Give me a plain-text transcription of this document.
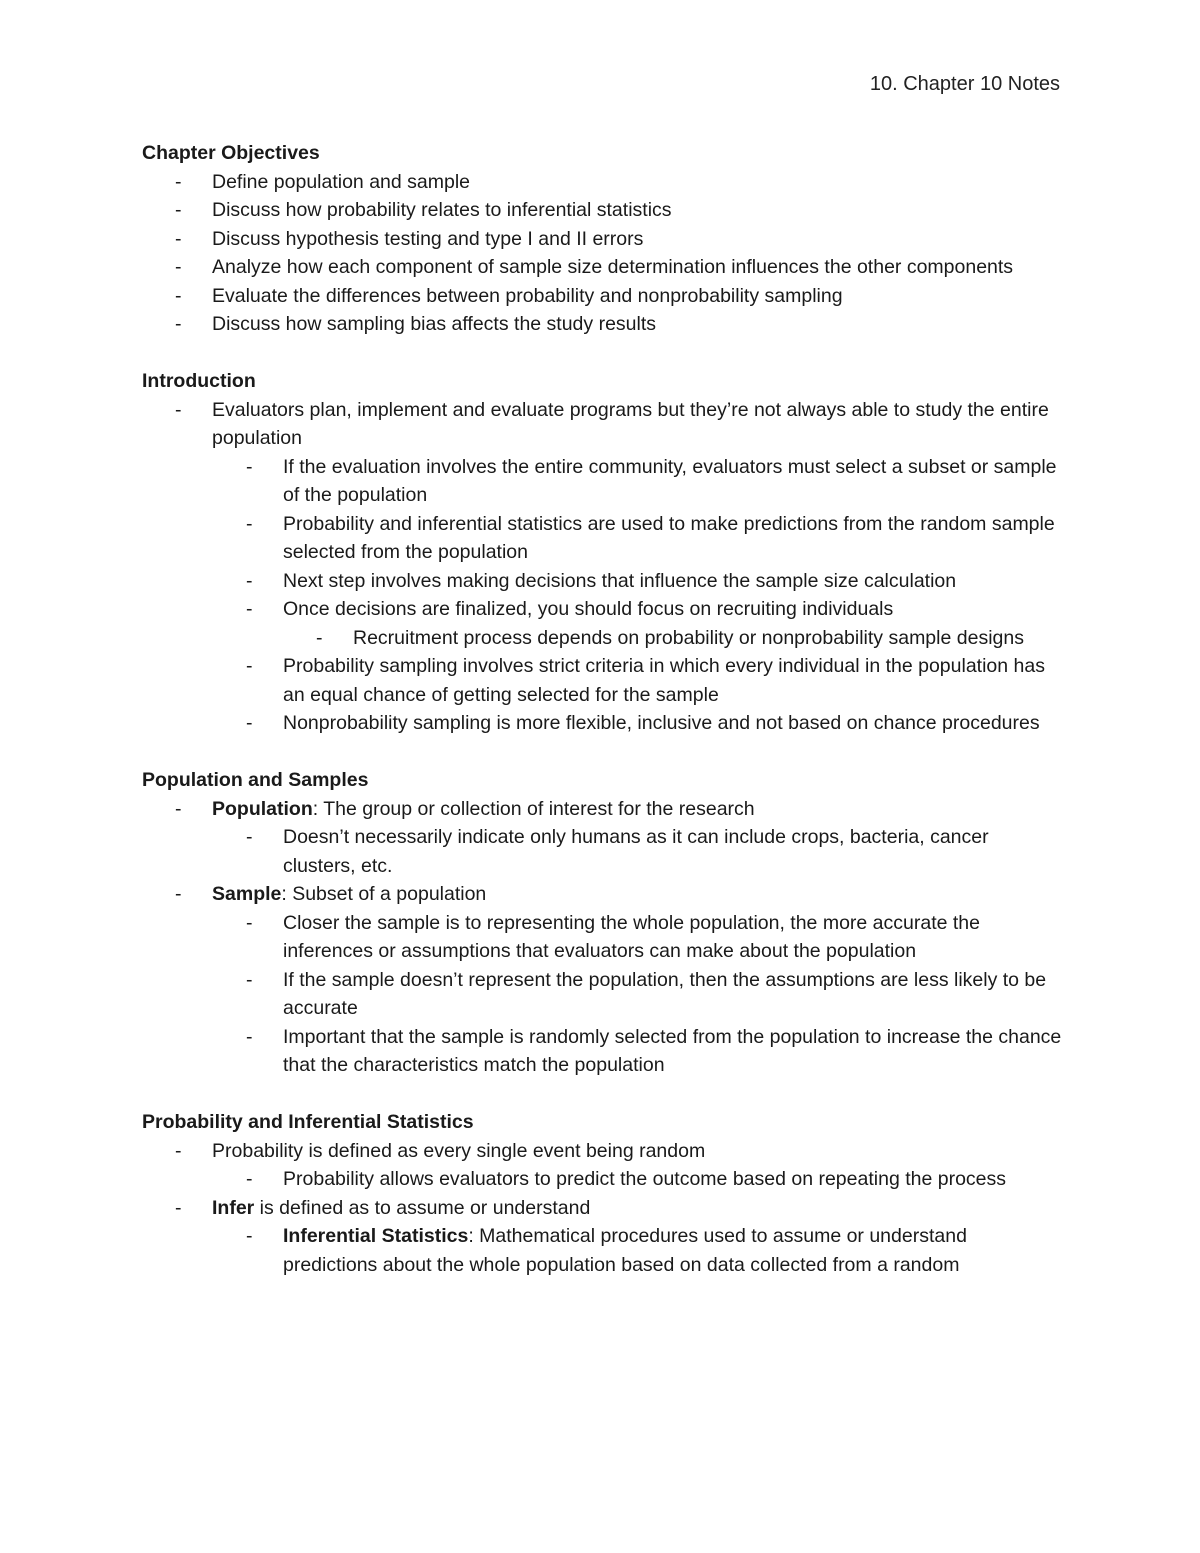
10. Chapter 10 Notes
Chapter Objectives
- Define population and sample
- Discuss how probability relates to inferential statistics
- Discuss hypothesis testing and type I and II errors
- Analyze how each component of sample size determination influences the other components
- Evaluate the differences between probability and nonprobability sampling
- Discuss how sampling bias affects the study results
Introduction
- Evaluators plan, implement and evaluate programs but they’re not always able to study the entire population
- If the evaluation involves the entire community, evaluators must select a subset or sample of the population
- Probability and inferential statistics are used to make predictions from the random sample selected from the population
- Next step involves making decisions that influence the sample size calculation
- Once decisions are finalized, you should focus on recruiting individuals
- Recruitment process depends on probability or nonprobability sample designs
- Probability sampling involves strict criteria in which every individual in the population has an equal chance of getting selected for the sample
- Nonprobability sampling is more flexible, inclusive and not based on chance procedures
Population and Samples
- Population: The group or collection of interest for the research
- Doesn’t necessarily indicate only humans as it can include crops, bacteria, cancer clusters, etc.
- Sample: Subset of a population
- Closer the sample is to representing the whole population, the more accurate the inferences or assumptions that evaluators can make about the population
- If the sample doesn’t represent the population, then the assumptions are less likely to be accurate
- Important that the sample is randomly selected from the population to increase the chance that the characteristics match the population
Probability and Inferential Statistics
- Probability is defined as every single event being random
- Probability allows evaluators to predict the outcome based on repeating the process
- Infer is defined as to assume or understand
- Inferential Statistics: Mathematical procedures used to assume or understand predictions about the whole population based on data collected from a random
